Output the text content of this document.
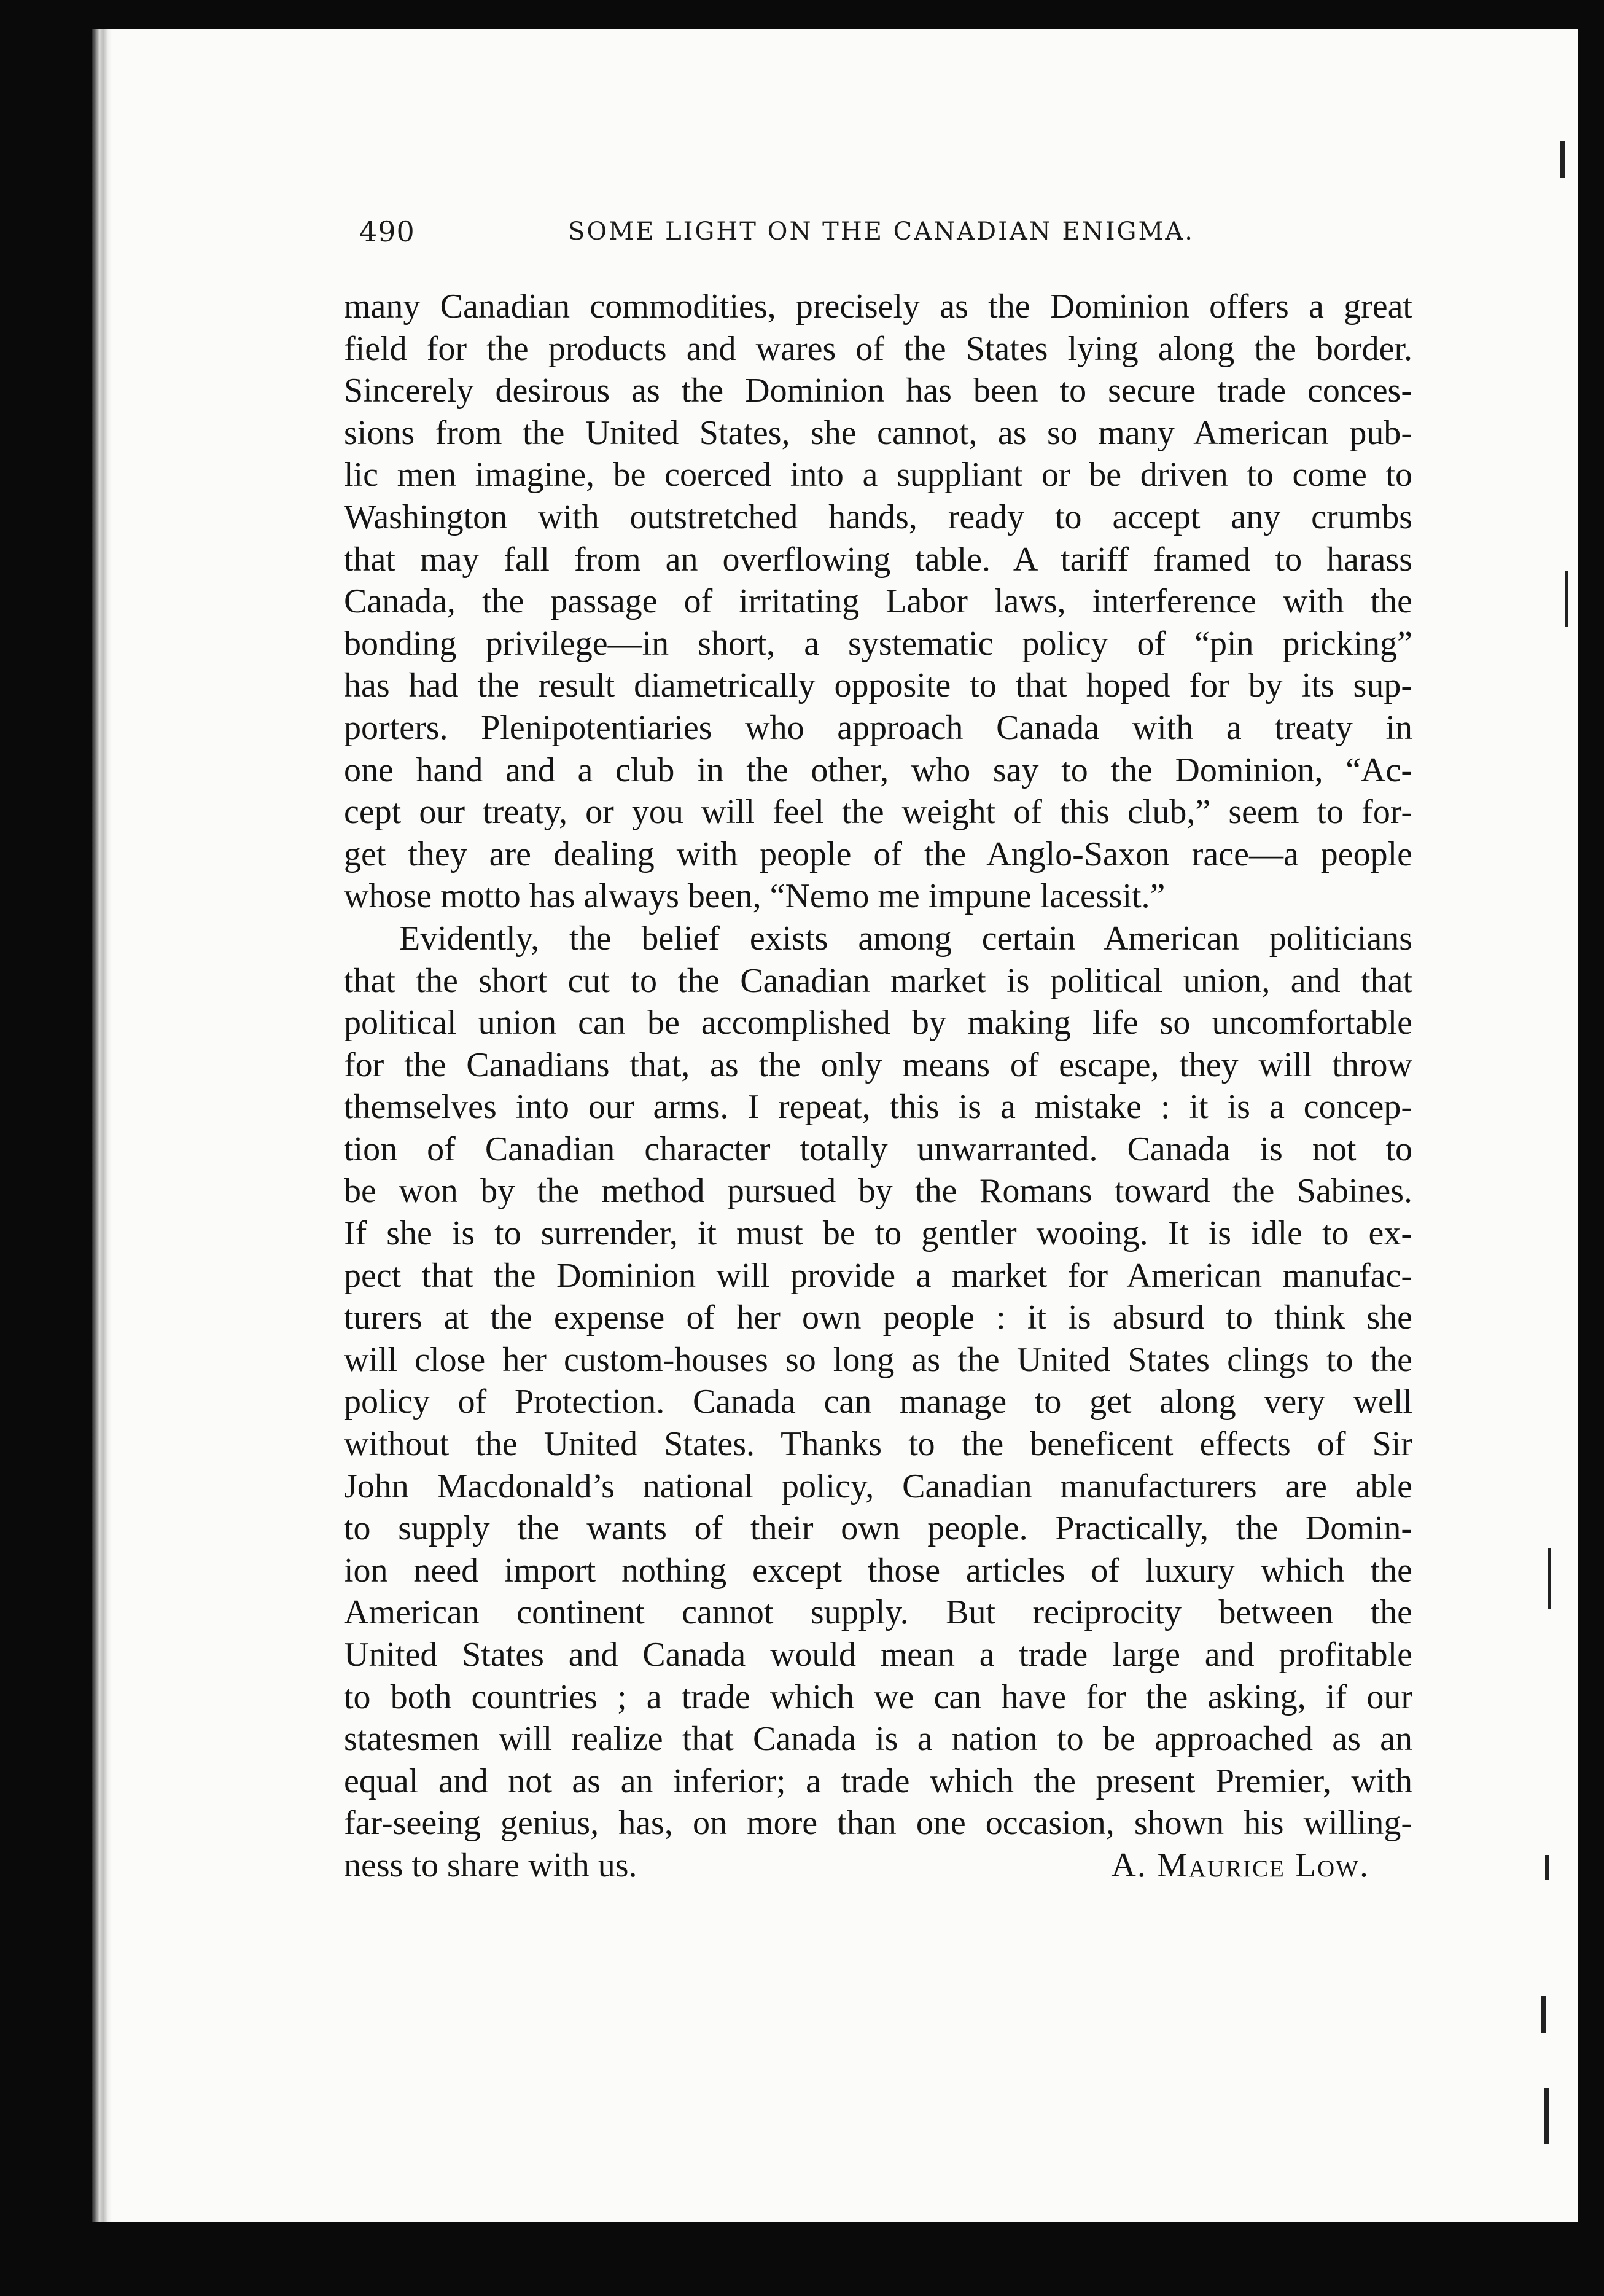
490	SOME LIGHT ON THE CANADIAN ENIGMA.
many Canadian commodities, precisely as the Dominion offers a great
field for the products and wares of the States lying along the border.
Sincerely desirous as the Dominion has been to secure trade conces-
sions from the United States, she cannot, as so many American pub-
lic men imagine, be coerced into a suppliant or be driven to come to
Washington with outstretched hands, ready to accept any crumbs
that may fall from an overflowing table. A tariff framed to harass
Canada, the passage of irritating Labor laws, interference with the
bonding privilege—in short, a systematic policy of “pin pricking”
has had the result diametrically opposite to that hoped for by its sup-
porters. Plenipotentiaries who approach Canada with a treaty in
one hand and a club in the other, who say to the Dominion, “Ac-
cept our treaty, or you will feel the weight of this club,” seem to for-
get they are dealing with people of the Anglo-Saxon race—a people
whose motto has always been, “Nemo me impune lacessit.”
Evidently, the belief exists among certain American politicians
that the short cut to the Canadian market is political union, and that
political union can be accomplished by making life so uncomfortable
for the Canadians that, as the only means of escape, they will throw
themselves into our arms. I repeat, this is a mistake : it is a concep-
tion of Canadian character totally unwarranted. Canada is not to
be won by the method pursued by the Romans toward the Sabines.
If she is to surrender, it must be to gentler wooing. It is idle to ex-
pect that the Dominion will provide a market for American manufac-
turers at the expense of her own people : it is absurd to think she
will close her custom-houses so long as the United States clings to the
policy of Protection. Canada can manage to get along very well
without the United States. Thanks to the beneficent effects of Sir
John Macdonald’s national policy, Canadian manufacturers are able
to supply the wants of their own people. Practically, the Domin-
ion need import nothing except those articles of luxury which the
American continent cannot supply. But reciprocity between the
United States and Canada would mean a trade large and profitable
to both countries ; a trade which we can have for the asking, if our
statesmen will realize that Canada is a nation to be approached as an
equal and not as an inferior; a trade which the present Premier, with
far-seeing genius, has, on more than one occasion, shown his willing-
ness to share with us.	A. Maurice Low.
